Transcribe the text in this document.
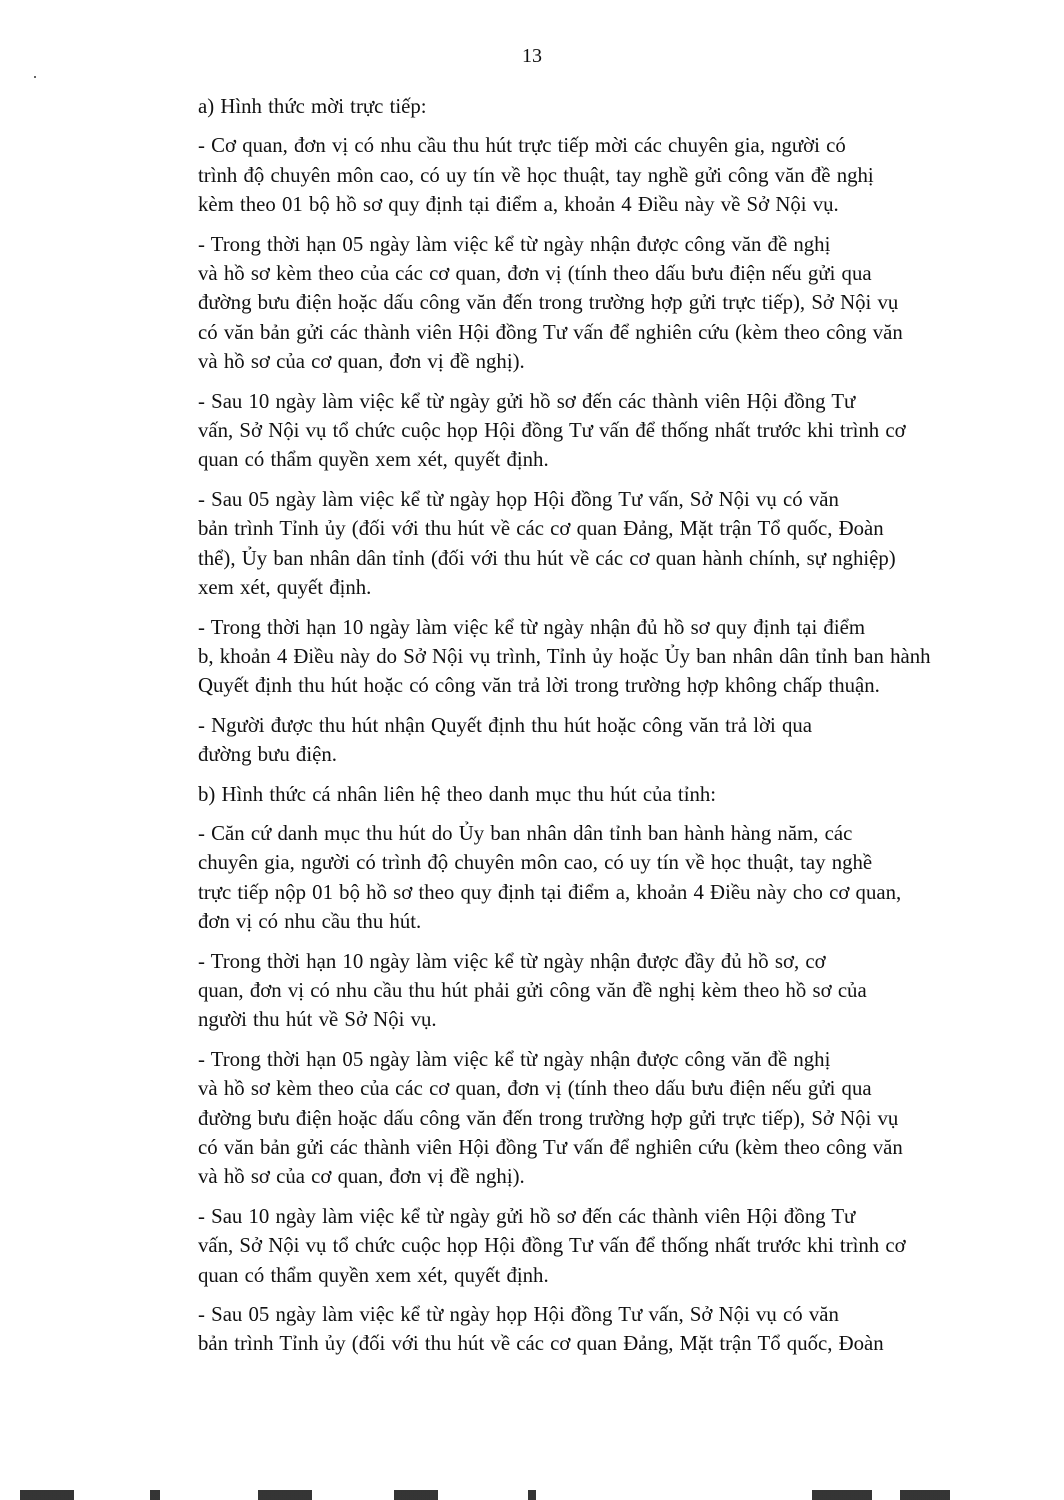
13

a) Hình thức mời trực tiếp:

- Cơ quan, đơn vị có nhu cầu thu hút trực tiếp mời các chuyên gia, người có
trình độ chuyên môn cao, có uy tín về học thuật, tay nghề gửi công văn đề nghị
kèm theo 01 bộ hồ sơ quy định tại điểm a, khoản 4 Điều này về Sở Nội vụ.

- Trong thời hạn 05 ngày làm việc kể từ ngày nhận được công văn đề nghị
và hồ sơ kèm theo của các cơ quan, đơn vị (tính theo dấu bưu điện nếu gửi qua
đường bưu điện hoặc dấu công văn đến trong trường hợp gửi trực tiếp), Sở Nội vụ
có văn bản gửi các thành viên Hội đồng Tư vấn để nghiên cứu (kèm theo công văn
và hồ sơ của cơ quan, đơn vị đề nghị).

- Sau 10 ngày làm việc kể từ ngày gửi hồ sơ đến các thành viên Hội đồng Tư
vấn, Sở Nội vụ tổ chức cuộc họp Hội đồng Tư vấn để thống nhất trước khi trình cơ
quan có thẩm quyền xem xét, quyết định.

- Sau 05 ngày làm việc kể từ ngày họp Hội đồng Tư vấn, Sở Nội vụ có văn
bản trình Tỉnh ủy (đối với thu hút về các cơ quan Đảng, Mặt trận Tổ quốc, Đoàn
thể), Ủy ban nhân dân tỉnh (đối với thu hút về các cơ quan hành chính, sự nghiệp)
xem xét, quyết định.

- Trong thời hạn 10 ngày làm việc kể từ ngày nhận đủ hồ sơ quy định tại điểm
b, khoản 4 Điều này do Sở Nội vụ trình, Tỉnh ủy hoặc Ủy ban nhân dân tỉnh ban hành
Quyết định thu hút hoặc có công văn trả lời trong trường hợp không chấp thuận.

- Người được thu hút nhận Quyết định thu hút hoặc công văn trả lời qua
đường bưu điện.

b) Hình thức cá nhân liên hệ theo danh mục thu hút của tỉnh:

- Căn cứ danh mục thu hút do Ủy ban nhân dân tỉnh ban hành hàng năm, các
chuyên gia, người có trình độ chuyên môn cao, có uy tín về học thuật, tay nghề
trực tiếp nộp 01 bộ hồ sơ theo quy định tại điểm a, khoản 4 Điều này cho cơ quan,
đơn vị có nhu cầu thu hút.

- Trong thời hạn 10 ngày làm việc kể từ ngày nhận được đầy đủ hồ sơ, cơ
quan, đơn vị có nhu cầu thu hút phải gửi công văn đề nghị kèm theo hồ sơ của
người thu hút về Sở Nội vụ.

- Trong thời hạn 05 ngày làm việc kể từ ngày nhận được công văn đề nghị
và hồ sơ kèm theo của các cơ quan, đơn vị (tính theo dấu bưu điện nếu gửi qua
đường bưu điện hoặc dấu công văn đến trong trường hợp gửi trực tiếp), Sở Nội vụ
có văn bản gửi các thành viên Hội đồng Tư vấn để nghiên cứu (kèm theo công văn
và hồ sơ của cơ quan, đơn vị đề nghị).

- Sau 10 ngày làm việc kể từ ngày gửi hồ sơ đến các thành viên Hội đồng Tư
vấn, Sở Nội vụ tổ chức cuộc họp Hội đồng Tư vấn để thống nhất trước khi trình cơ
quan có thẩm quyền xem xét, quyết định.

- Sau 05 ngày làm việc kể từ ngày họp Hội đồng Tư vấn, Sở Nội vụ có văn
bản trình Tỉnh ủy (đối với thu hút về các cơ quan Đảng, Mặt trận Tổ quốc, Đoàn
